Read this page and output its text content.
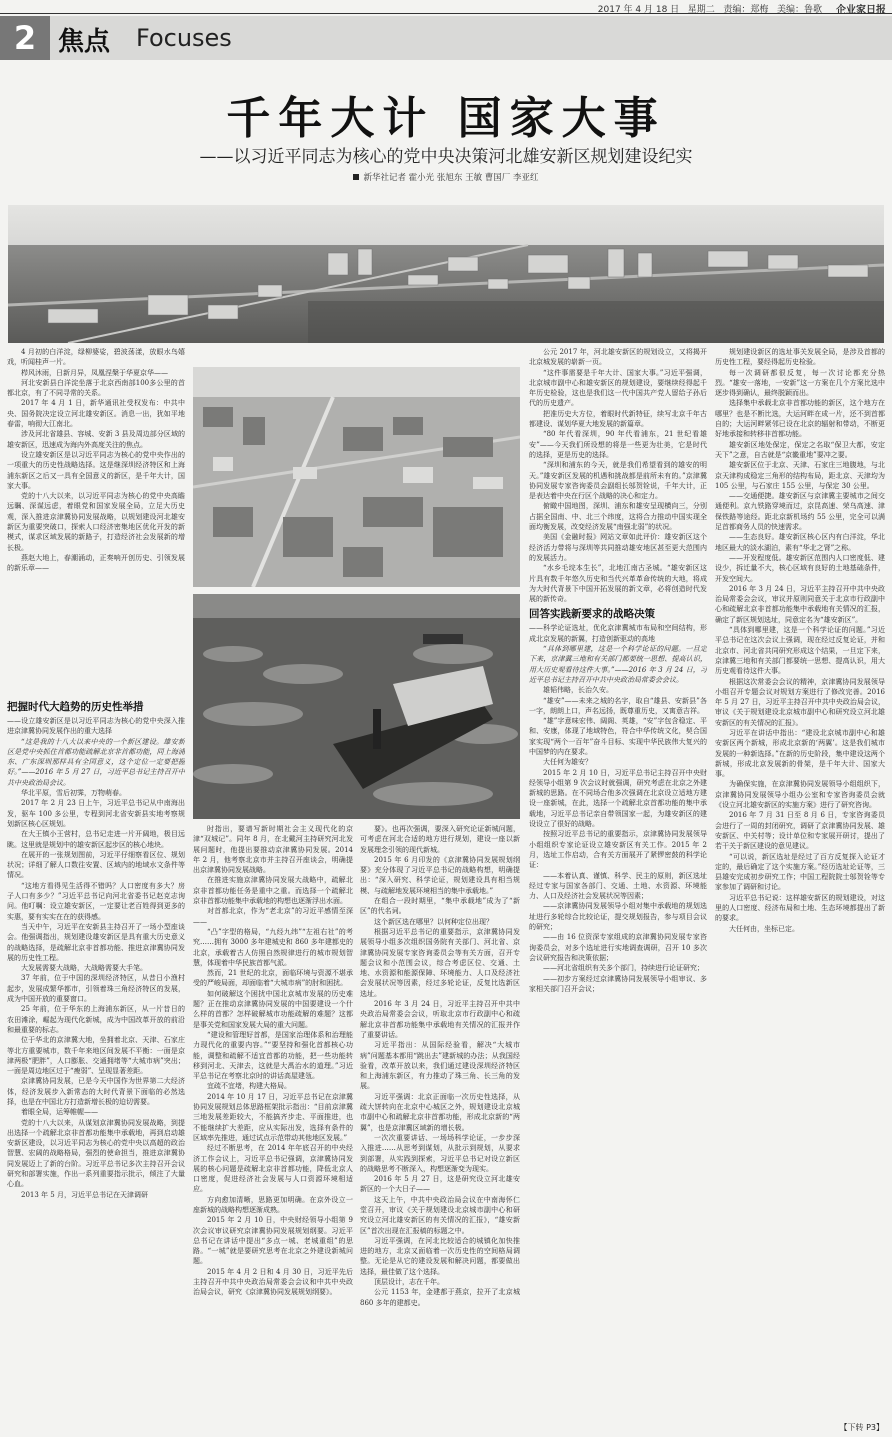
2017 年 4 月 18 日 星期二 责编：郑梅 美编：鲁歌 企业家日报
2 焦点 Focuses
千年大计 国家大事
——以习近平同志为核心的党中央决策河北雄安新区规划建设纪实
新华社记者 霍小光 张旭东 王敏 曹国厂 李亚红

4 月初的白洋淀，绿柳婆娑，碧波荡漾，放眼水鸟嬉戏，听闻桂声一片。

栉风沐雨，日新月异，凤凰涅槃于华夏京华——

河北安新县白洋淀坐落于北京西南部100多公里的首都北京，有了不同寻常的关系。

2017 年 4 月 1 日，新华通讯社受权发布：中共中央、国务院决定设立河北雄安新区。消息一出，犹如平地春雷，响彻大江南北。

涉及河北省雄县、容城、安新 3 县及周边部分区域的雄安新区，迅速成为海内外高度关注的焦点。

设立雄安新区是以习近平同志为核心的党中央作出的一项重大的历史性战略选择。这是继深圳经济特区和上海浦东新区之后又一具有全国意义的新区，是千年大计，国家大事。

党的十八大以来，以习近平同志为核心的党中央高瞻远瞩、深谋远虑，着眼党和国家发展全局，立足大历史观，深入推进京津冀协同发展战略，以规划建设河北雄安新区为重要突破口，探索人口经济密集地区优化开发的新模式，谋求区域发展的新路子，打造经济社会发展新的增长极。

燕赵大地上，春潮涌动，正奏响开创历史、引领发展的新乐章——

把握时代大趋势的历史性举措

——设立雄安新区是以习近平同志为核心的党中央深入推进京津冀协同发展作出的重大选择

“这是我的十八大以来中央的一个新区建设。雄安新区是党中央抓住首都功能疏解北京非首都功能，同上海浦东、广东深圳那样具有全国意义，这个定位一定要把握好。”——2016 年 5 月 27 日，习近平总书记主持召开中共中央政治局会议。

华北平原，雪后初霁，万物萌春。

2017 年 2 月 23 日上午，习近平总书记从中南海出发，驱车 100 多公里，专程到河北省安新县实地考察规划新区核心区规划。

在大王镇小王营村，总书记走进一片开阔地，极目远眺。这里就是规划中的雄安新区起步区的核心地块。

在展开的一张规划图前，习近平仔细察看区位、规划状况；详细了解人口数往安置、区域内的地域水文条件等情况。

“这地方看得见生活得不错吗？人口密度有多大？房子人口有多少？”习近平总书记向河北省委书记赵克志询问。他叮嘱：设立雄安新区，一定要让老百姓得到更多的实惠，要有实实在在的获得感。

当天中午，习近平在安新县主持召开了一场小型座谈会。他强调指出，规划建设雄安新区是具有重大历史意义的战略选择，是疏解北京非首都功能、推进京津冀协同发展的历史性工程。

大发展需要大战略，大战略需要大手笔。

37 年前，位于中国的深圳经济特区，从昔日小渔村起步，发展成繁华都市，引领着珠三角经济特区的发展，成为中国开放的重要窗口。

25 年前，位于华东的上海浦东新区，从一片昔日的农田滩涂，崛起为现代化新城，成为中国改革开放的前沿和最重要的标志。

位于华北的京津冀大地，坐拥着北京、天津、石家庄等北方重要城市，数千年来地区间发展不平衡：一面是京津两极“肥胖”，人口膨胀、交通拥堵等“大城市病”突出；一面是周边地区过于“瘦弱”、呈现显著差距。

京津冀协同发展，已是今天中国作为世界第二大经济体，经济发展步入新常态的大时代背景下面临的必然选择，也是在中国北方打造新增长极的迫切需要。

着眼全局，运筹帷幄——

党的十八大以来，从谋划京津冀协同发展战略，到提出选择一个疏解北京非首都功能集中承载地，再到启动雄安新区建设，以习近平同志为核心的党中央以高超的政治智慧、宏阔的战略格局，强烈的使命担当，推进京津冀协同发展迈上了新的台阶。习近平总书记多次主持召开会议研究和部署实施，作出一系列重要指示批示，倾注了大量心血。

2013 年 5 月，习近平总书记在天津调研

时指出，要谱写新时期社会主义现代化的京津“双城记”。同年 8 月，在北戴河主持研究河北发展问题时，他提出要推动京津冀协同发展。2014 年 2 月，他考察北京市并主持召开座谈会，明确提出京津冀协同发展战略。

在推进实施京津冀协同发展大战略中，疏解北京非首都功能任务是重中之重。而选择一个疏解北京非首都功能集中承载地的构想也逐渐浮出水面。

对首都北京，作为“老北京”的习近平感情至深——

“凸”字型的格局，“九经九纬”“左祖右社”的考究……拥有 3000 多年建城史和 860 多年建都史的北京，承载着古人仿照自然规律进行的城市规划智慧，体现着中华民族首都气派。

然而，21 世纪的北京，面临环境与资源不堪承受的严峻局面，却面临着“大城市病”的肘和困扰。

如何破解这个困扰中国北京城市发展的历史难题？正在推动京津冀协同发展的中国要建设一个什么样的首都？怎样破解城市功能疏解的难题？这都是事关党和国家发展大局的重大问题。

“建设和管理好首都，是国家治理体系和治理能力现代化的重要内容。”“要坚持和强化首都核心功能，调整和疏解不适宜首都的功能，把一些功能转移到河北、天津去，这就是大禹治水的道理。”习近平总书记在考察北京时的讲话高屋建瓴。

宜疏不宜堵，构建大格局。

2014 年 10 月 17 日，习近平总书记在京津冀协同发展规划总体思路框架批示指出：“目前京津冀三地发展差距较大，不能搞齐步走、平面推进，也不能继续扩大差距，应从实际出发，选择有条件的区域率先推进，通过试点示范带动其他地区发展。”

经过不断思考，在 2014 年年底召开的中央经济工作会议上，习近平总书记强调，京津冀协同发展的核心问题是疏解北京非首都功能，降低北京人口密度，促进经济社会发展与人口资源环境相适应。

方向愈加清晰，思路更加明确。在京外设立一座新城的战略构想逐渐成熟。

2015 年 2 月 10 日，中央财经领导小组第 9 次会议审议研究京津冀协同发展规划纲要。习近平总书记在讲话中提出“多点一城、老城重组”的思路。“一城”就是要研究思考在北京之外建设新城问题。

2015 年 4 月 2 日和 4 月 30 日，习近平先后主持召开中共中央政治局常委会会议和中共中央政治局会议，研究《京津冀协同发展规划纲要》。

要》。也再次强调，要深入研究论证新城问题，可考虑在河北合适的地方进行规划，建设一座以新发展理念引领的现代新城。

2015 年 6 月印发的《京津冀协同发展规划纲要》充分体现了习近平总书记的战略构想，明确提出：“深入研究、科学论证，规划建设具有相当规模、与疏解地发展环境相当的集中承载地。”

在组合一段时期里，“集中承载地”成为了“新区”的代名词。

这个新区选在哪里？以何种定位出现？

根据习近平总书记的重要指示，京津冀协同发展领导小组多次组织国务院有关部门、河北省、京津冀协同发展专家咨询委员会等有关方面，召开专题会议和小范围会议，综合考虑区位、交通、土地、水资源和能源保障、环境能力、人口及经济社会发展状况等因素，经过多轮论证，反复比选新区选址。

2016 年 3 月 24 日，习近平主持召开中共中央政治局常委会会议，听取北京市行政副中心和疏解北京非首都功能集中承载地有关情况的汇报并作了重要讲话。

习近平指出：从国际经验看，解决“大城市病”问题基本都用“跳出去”建新城的办法；从我国经验看，改革开放以来，我们通过建设深圳经济特区和上海浦东新区，有力推动了珠三角、长三角的发展。

习近平强调：北京正面临一次历史性选择，从疏大饼转向在北京中心城区之外，规划建设北京城市副中心和疏解北京非首都功能，形成北京新的“两翼”，也是京津冀区域新的增长极。

一次次重要讲话、一场场科学论证，一步步深入推进……从思考到谋划，从批示到规划，从要求到部署，从实践到探索，习近平总书记对设立新区的战略思考不断深入，构想逐渐变为现实。

2016 年 5 月 27 日，这是研究设立河北雄安新区的一个大日子——

这天上午，中共中央政治局会议在中南海怀仁堂召开，审议《关于规划建设北京城市副中心和研究设立河北雄安新区的有关情况的汇报》，“雄安新区”首次出现在汇报稿的标题之中。

习近平强调，在河北比较适合的城镇化加快推进的地方，北京又面临着一次历史性的空间格局调整。无论是从它的建设发展和解决问题，都要做出选择，最佳做了这个选择。

顶层设计，志在千年。

公元 1153 年，金建都于燕京，拉开了北京城 860 多年的建都史。

公元 2017 年，河北雄安新区的规划设立，又将揭开北京城发展的崭新一页。

“这件事需要是千年大计、国家大事。”习近平强调，北京城市副中心和雄安新区的规划建设，要继续经得起千年历史检验，这也是我们这一代中国共产党人留给子孙后代的历史遗产。

把准历史大方位，着眼时代新特征，续写北京千年古都建设、谋划华夏大地发展的新篇章。

“80 年代看深圳，90 年代看浦东，21 世纪看雄安”——今天我们所设想的将是一些更为壮美，它是时代的选择，更是历史的选择。

“深圳和浦东的今天，就是我们希望看到的雄安的明天。”雄安新区发展的机遇和挑战都是前所未有的。”京津冀协同发展专家咨询委员会副组长邬贺铨说，千年大计，正是表达着中央在行区个战略的决心和定力。

俯瞰中国地图，深圳、浦东和雄安呈现横向三，分别占据全国南、中、北三个纬度，这将合力推动中国实现全面均衡发展，改变经济发展“南强北弱”的状况。

美国《金融时报》网站文章如此评价：雄安新区这个经济活力带将与深圳等共同推动雄安地区甚至更大范围内的发展活力。

“水乡毛垸本生长”，北地江南古圣城。“雄安新区这片具有数千年悠久历史和当代兴革革命传统的大地，将成为大时代背景下中国开拓发展的新文章，必将创造时代发展的新传奇。

回答实践新要求的战略决策

——科学论证选址，优化京津冀城市布局和空间结构，形成北京发展的新翼，打造创新驱动的高地

“具体到哪里建，这是一个科学论证的问题。一旦定下来，京津冀三地和有关部门都要统一思想、提高认识，用大历史观看待这件大事。”——2016 年 3 月 24 日，习近平总书记主持召开中共中央政治局常委会会议。

雄韬伟略，长治久安。

“雄安”——未来之城的名字，取自“雄县、安新县”各一字，朗朗上口，声名远扬，既尊重历史，又寓意吉祥。

“雄”字意味宏伟、阔阁、英雄，“安”字包含稳定、平和、安康，体现了地域特色，符合中华传统文化，契合国家实现“两个一百年”奋斗目标、实现中华民族伟大复兴的中国梦的内在要求。

大任何为雄安？

2015 年 2 月 10 日，习近平总书记主持召开中央财经领导小组第 9 次会议时就强调，研究考虑在北京之外建新城的思路。在不同场合他多次强调在北京设立适地方建设一座新城，在此，选择一个疏解北京首都功能的集中承载地，习近平总书记亲自带领国家一起，为雄安新区的建设设立了很好的战略。

按照习近平总书记的重要指示，京津冀协同发展领导小组组织专家论证设立雄安新区有关工作。2015 年 2 月，选址工作启动，合有关方面展开了紧锣密鼓的科学论证：

——本着认真、谨慎、科学、民主的原则，新区选址经过专家与国家各部门、交通、土地、水资源、环境能力、人口及经济社会发展状况等因素；

——京津冀协同发展领导小组对集中承载地的规划选址进行多轮综合比较论证，提交规划报告，参与项目会议的研究；

——由 16 位资深专家组成的京津冀协同发展专家咨询委员会，对多个选址进行实地调查调研，召开 10 多次会议研究报告和决策依据；

——河北省组织有关多个部门，持续进行论证研究；

——初步方案经过京津冀协同发展领导小组审议、多家相关部门召开会议；

规划建设新区的选址事关发展全局，是涉及首都的历史性工程，要经得起历史检验。

每一次调研都很反复，每一次讨论都充分热烈。“雄安一落地，一安新”这一方案在几个方案比选中逐步得到确认，最终脱颖而出。

选择集中承载北京非首都功能的新区，这个地方在哪里？也是不断比选，大运河畔在成一片，还不到首都自的；大运河畔紧邻已设在北京的辐射和带动，不断更好地承接和转移非首都功能。

雄安新区地处保定，保定之名取“保卫大都，安定天下”之意，自古就是“京畿重地”要冲之要。

雄安新区位于北京、天津、石家庄三地腹地，与北京天津构成稳定三角形的结构布局，距北京、天津均为 105 公里，与石家庄 155 公里，与保定 30 公里。

——交通便捷。雄安新区与京津冀主要城市之间交通便利。京九铁路穿境而过，京昆高速、荣乌高速、津保铁路等途经。距北京新机场约 55 公里，完全可以满足首都商务人员的快速需求。

——生态良好。雄安新区核心区内有白洋淀，华北地区最大的淡水湖泊，素有“华北之肾”之称。

——开发程度低。雄安新区范围内人口密度低、建设少，拆迁量不大，核心区域有良好的土地基础条件，开发空间大。

2016 年 3 月 24 日，习近平主持召开中共中央政治局常委会会议，审议并原则同意关于北京市行政副中心和疏解北京非首都功能集中承载地有关情况的汇报，确定了新区规划选址，同意定名为“雄安新区”。

“具体到哪里建，这是一个科学论证的问题。”习近平总书记在这次会议上强调，现在经过反复论证，并和北京市、河北省共同研究形成这个结果，一旦定下来，京津冀三地和有关部门都要统一思想、提高认识，用大历史观看待这件大事。

根据这次常委会会议的精神，京津冀协同发展领导小组召开专题会议对规划方案进行了修改完善。2016 年 5 月 27 日，习近平主持召开中共中央政治局会议，审议《关于规划建设北京城市副中心和研究设立河北雄安新区的有关情况的汇报》。

习近平在讲话中指出：“建设北京城市副中心和雄安新区两个新城，形成北京新的‘两翼’。这是我们城市发展的一种新选择。”在新的历史阶段，集中建设这两个新城，形成北京发展新的骨架，是千年大计、国家大事。

为确保实施，在京津冀协同发展领导小组组织下，京津冀协同发展领导小组办公室和专家咨询委员会就《设立河北雄安新区的实施方案》进行了研究咨询。

2016 年 7 月 31 日至 8 月 6 日，专家咨询委员会进行了一周的封闭研究，调研了京津冀协同发展、雄安新区、中关村等；设计单位和专家展开研讨，提出了若干关于新区建设的意见建议。

“可以说，新区选址是经过了百方反复探入论证才定的，最后确定了这个实施方案。”经历选址论证等，三县雄安完成初步研究工作；中国工程院院士邬贺铨等专家参加了调研和讨论。

习近平总书记说：这样雄安新区的规划建设，对这里的人口密度、经济布局和土地、生态环境都提出了新的要求。

大任何由，坐标已定。

【下转 P3】
